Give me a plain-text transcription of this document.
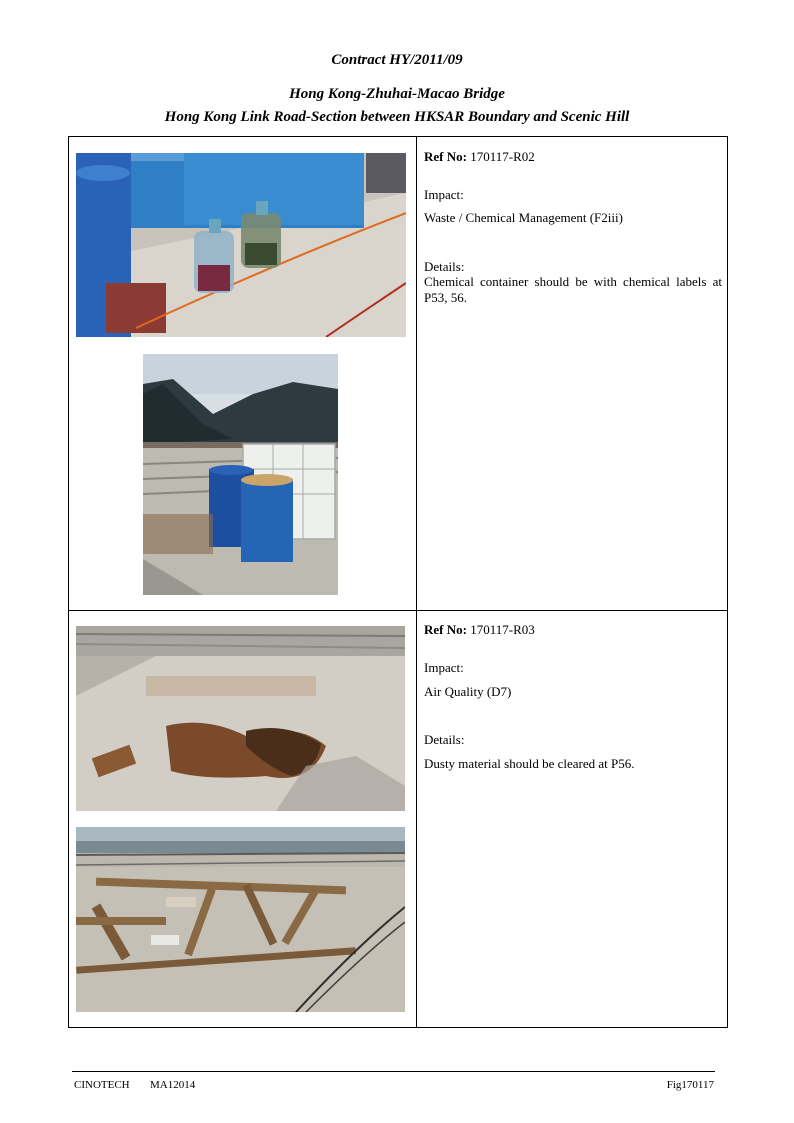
Contract HY/2011/09
Hong Kong-Zhuhai-Macao Bridge
Hong Kong Link Road-Section between HKSAR Boundary and Scenic Hill
Ref No: 170117-R02
Impact:
Waste / Chemical Management (F2iii)
Details:
Chemical container should be with chemical labels at P53, 56.
Ref No: 170117-R03
Impact:
Air Quality (D7)
Details:
Dusty material should be cleared at P56.
CINOTECH MA12014	Fig170117
